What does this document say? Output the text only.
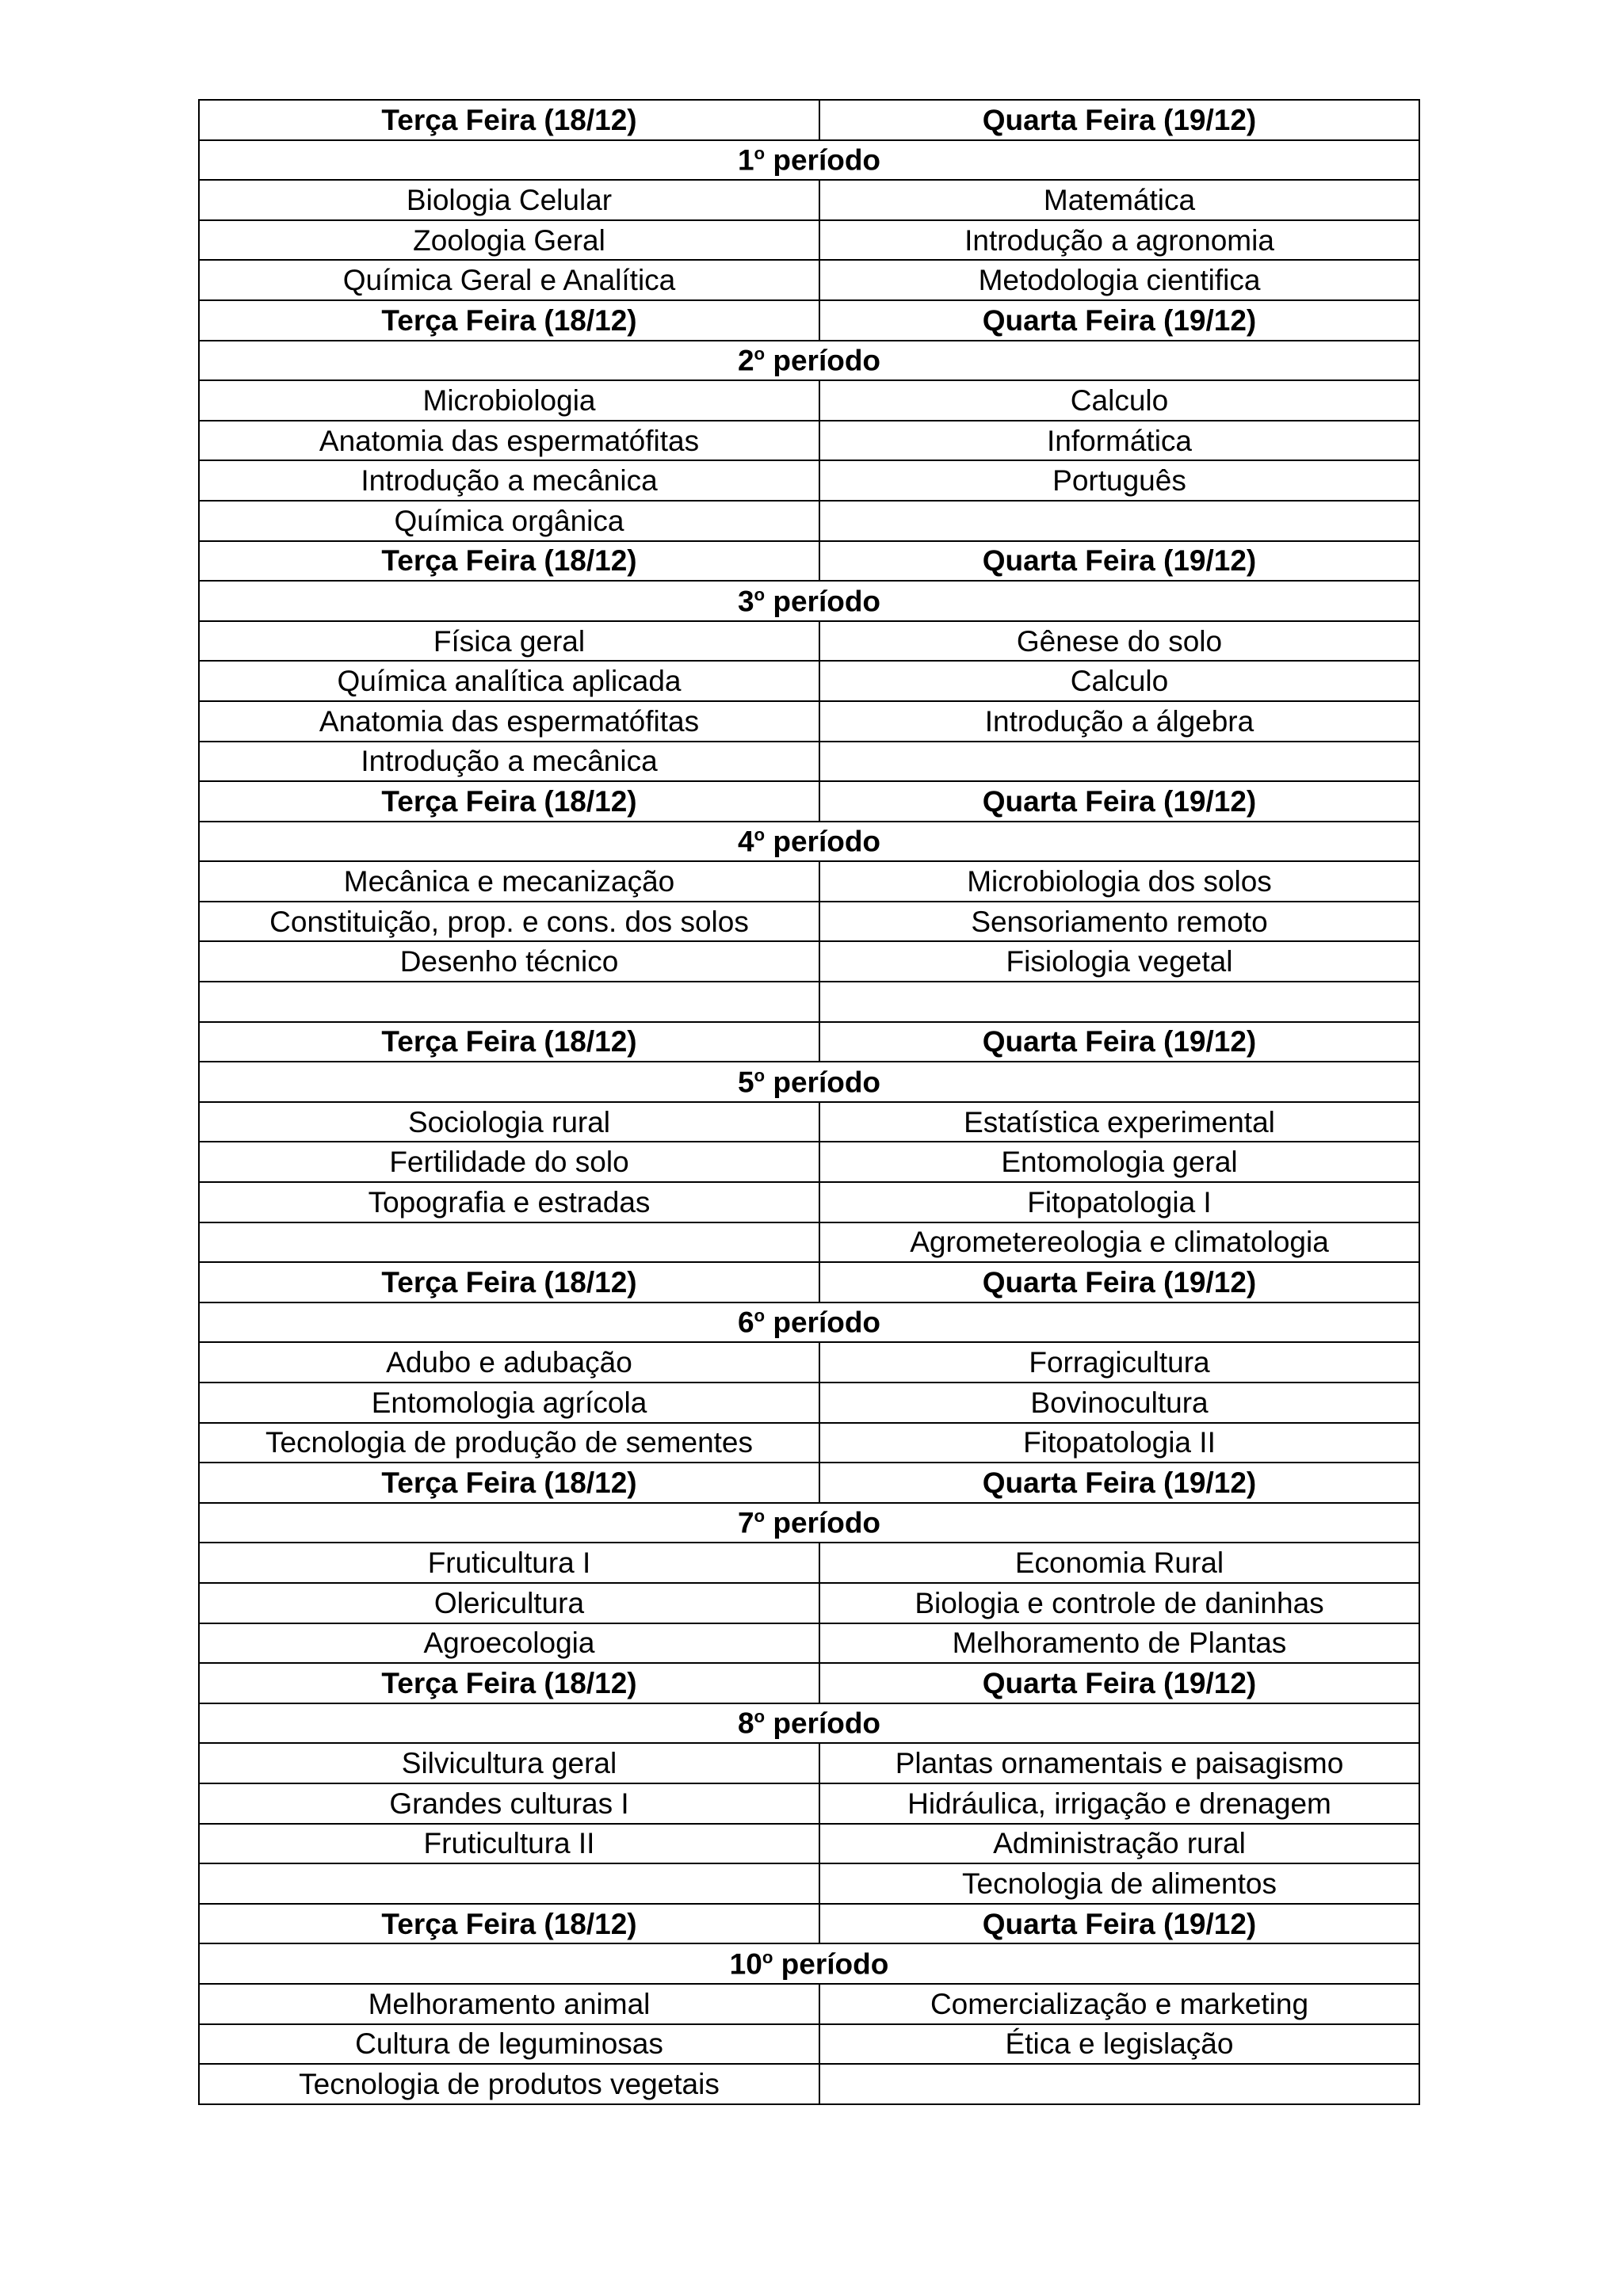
Terça Feira (18/12)	Quarta Feira (19/12)
1$^o$ período	
Biologia Celular	Matemática
Zoologia Geral	Introdução a agronomia
Química Geral e Analítica	Metodologia cientifica
Terça Feira (18/12)	Quarta Feira (19/12)
2$^o$ período	
Microbiologia	Calculo
Anatomia das espermatófitas	Informática
Introdução a mecânica	Português
Química orgânica	
Terça Feira (18/12)	Quarta Feira (19/12)
3$^o$ período	
Física geral	Gênese do solo
Química analítica aplicada	Calculo
Anatomia das espermatófitas	Introdução a álgebra
Introdução a mecânica	
Terça Feira (18/12)	Quarta Feira (19/12)
4$^o$ período	
Mecânica e mecanização	Microbiologia dos solos
Constituição, prop. e cons. dos solos	Sensoriamento remoto
Desenho técnico	Fisiologia vegetal

Terça Feira (18/12)	Quarta Feira (19/12)
5$^o$ período	
Sociologia rural	Estatística experimental
Fertilidade do solo	Entomologia geral
Topografia e estradas	Fitopatologia I
	Agrometereologia e climatologia
Terça Feira (18/12)	Quarta Feira (19/12)
6$^o$ período	
Adubo e adubação	Forragicultura
Entomologia agrícola	Bovinocultura
Tecnologia de produção de sementes	Fitopatologia II
Terça Feira (18/12)	Quarta Feira (19/12)
7$^o$ período	
Fruticultura I	Economia Rural
Olericultura	Biologia e controle de daninhas
Agroecologia	Melhoramento de Plantas
Terça Feira (18/12)	Quarta Feira (19/12)
8$^o$ período	
Silvicultura geral	Plantas ornamentais e paisagismo
Grandes culturas I	Hidráulica, irrigação e drenagem
Fruticultura II	Administração rural
	Tecnologia de alimentos
Terça Feira (18/12)	Quarta Feira (19/12)
10$^o$ período	
Melhoramento animal	Comercialização e marketing
Cultura de leguminosas	Ética e legislação
Tecnologia de produtos vegetais	
